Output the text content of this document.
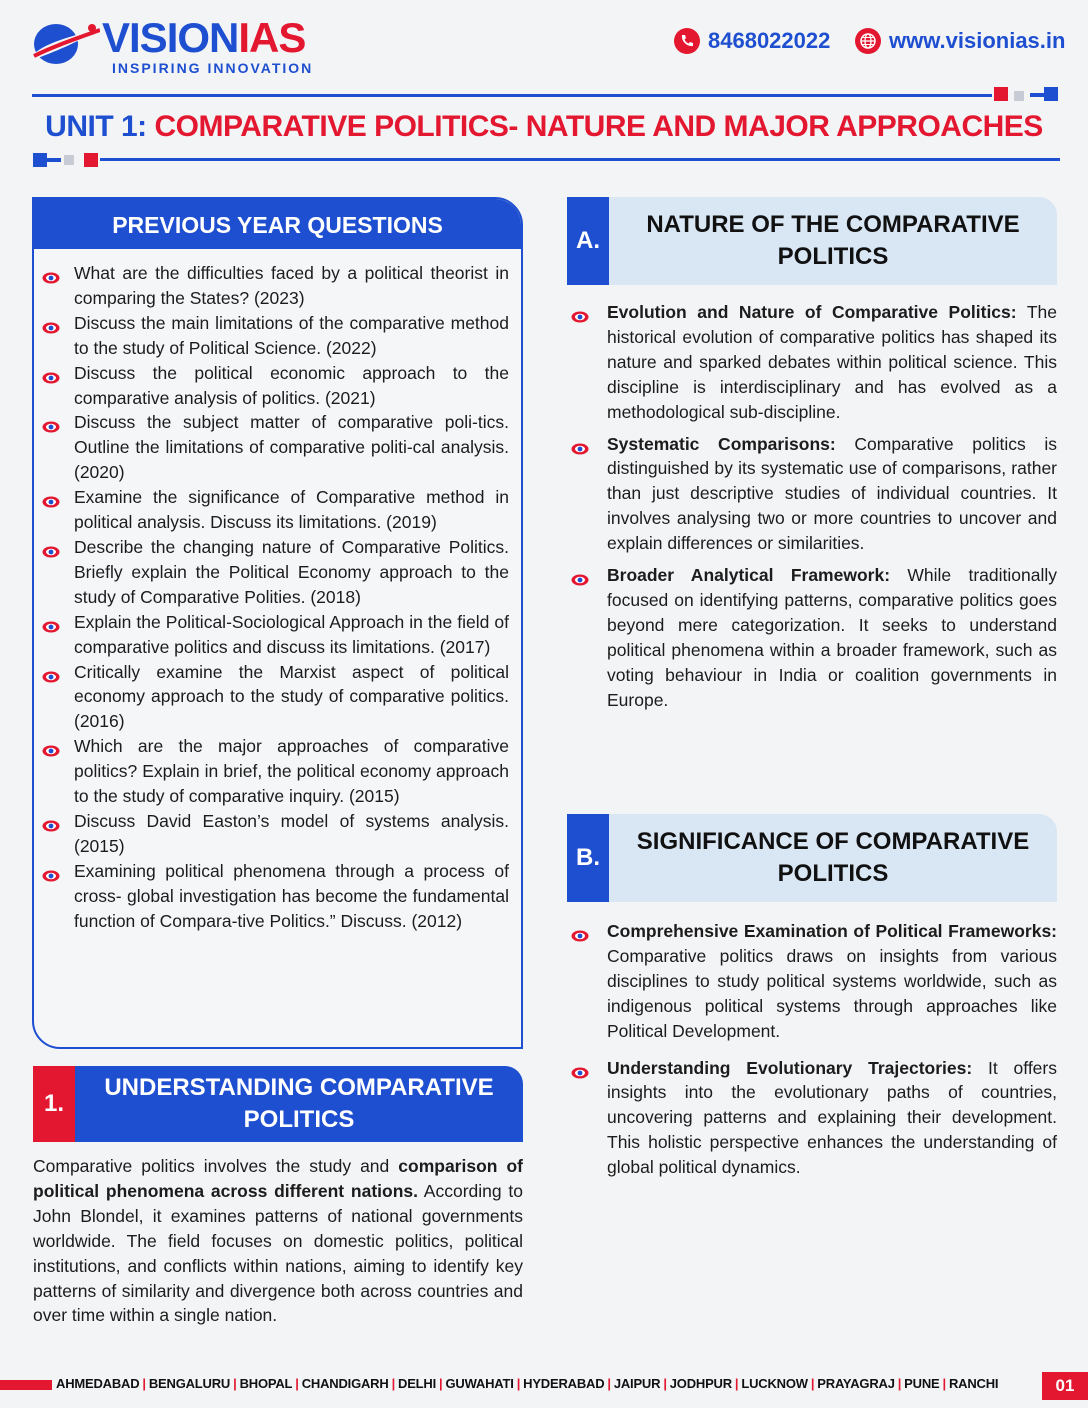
VISIONIAS
INSPIRING INNOVATION
8468022022	www.visionias.in
UNIT 1: COMPARATIVE POLITICS- NATURE AND MAJOR APPROACHES
PREVIOUS YEAR QUESTIONS
What are the difficulties faced by a political theorist in comparing the States? (2023)
Discuss the main limitations of the comparative method to the study of Political Science. (2022)
Discuss the political economic approach to the comparative analysis of politics. (2021)
Discuss the subject matter of comparative poli-tics. Outline the limitations of comparative politi-cal analysis. (2020)
Examine the significance of Comparative method in political analysis. Discuss its limitations. (2019)
Describe the changing nature of Comparative Politics. Briefly explain the Political Economy approach to the study of Comparative Polities. (2018)
Explain the Political-Sociological Approach in the field of comparative politics and discuss its limitations. (2017)
Critically examine the Marxist aspect of political economy approach to the study of comparative politics. (2016)
Which are the major approaches of comparative politics? Explain in brief, the political economy approach to the study of comparative inquiry. (2015)
Discuss David Easton’s model of systems analysis. (2015)
Examining political phenomena through a process of cross- global investigation has become the fundamental function of Compara-tive Politics.” Discuss. (2012)
1.
UNDERSTANDING COMPARATIVE POLITICS

Comparative politics involves the study and comparison of political phenomena across different nations. According to John Blondel, it examines patterns of national governments worldwide. The field focuses on domestic politics, political institutions, and conflicts within nations, aiming to identify key patterns of similarity and divergence both across countries and over time within a single nation.

A.
NATURE OF THE COMPARATIVE POLITICS
Evolution and Nature of Comparative Politics: The historical evolution of comparative politics has shaped its nature and sparked debates within political science. This discipline is interdisciplinary and has evolved as a methodological sub-discipline.
Systematic Comparisons: Comparative politics is distinguished by its systematic use of comparisons, rather than just descriptive studies of individual countries. It involves analysing two or more countries to uncover and explain differences or similarities.
Broader Analytical Framework: While traditionally focused on identifying patterns, comparative politics goes beyond mere categorization. It seeks to understand political phenomena within a broader framework, such as voting behaviour in India or coalition governments in Europe.
B.
SIGNIFICANCE OF COMPARATIVE POLITICS
Comprehensive Examination of Political Frameworks: Comparative politics draws on insights from various disciplines to study political systems worldwide, such as indigenous political systems through approaches like Political Development.
Understanding Evolutionary Trajectories: It offers insights into the evolutionary paths of countries, uncovering patterns and explaining their development. This holistic perspective enhances the understanding of global political dynamics.
AHMEDABAD | BENGALURU | BHOPAL | CHANDIGARH | DELHI | GUWAHATI | HYDERABAD | JAIPUR | JODHPUR | LUCKNOW | PRAYAGRAJ | PUNE | RANCHI	01
